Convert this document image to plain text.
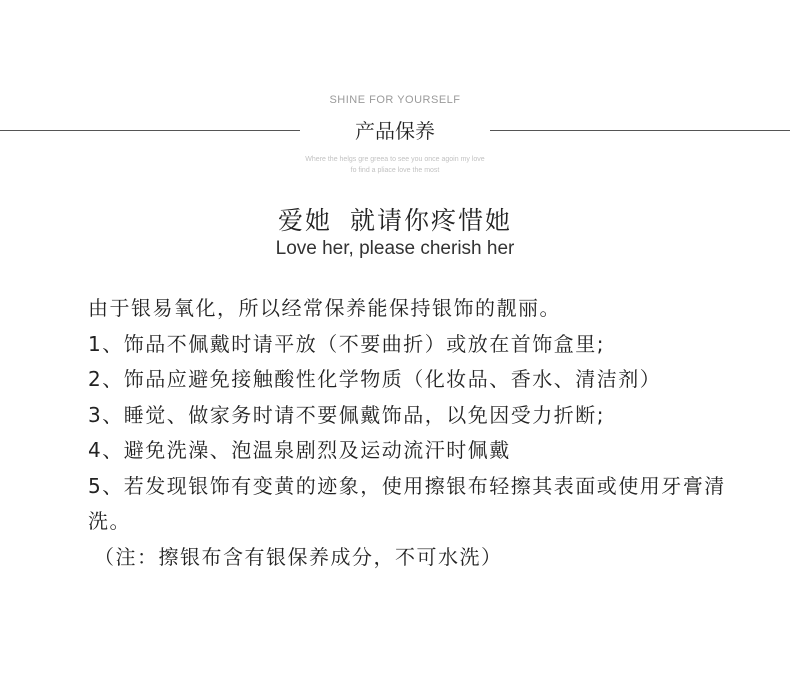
SHINE FOR YOURSELF
产品保养
Where the helgs gre greea to see you once agoin my love
fo find a pliace love the most
爱她 就请你疼惜她
Love her, please cherish her

由于银易氧化，所以经常保养能保持银饰的靓丽。

1、饰品不佩戴时请平放（不要曲折）或放在首饰盒里;

2、饰品应避免接触酸性化学物质（化妆品、香水、清洁剂）

3、睡觉、做家务时请不要佩戴饰品，以免因受力折断;

4、避免洗澡、泡温泉剧烈及运动流汗时佩戴

5、若发现银饰有变黄的迹象，使用擦银布轻擦其表面或使用牙膏清洗。

（注：擦银布含有银保养成分，不可水洗）
